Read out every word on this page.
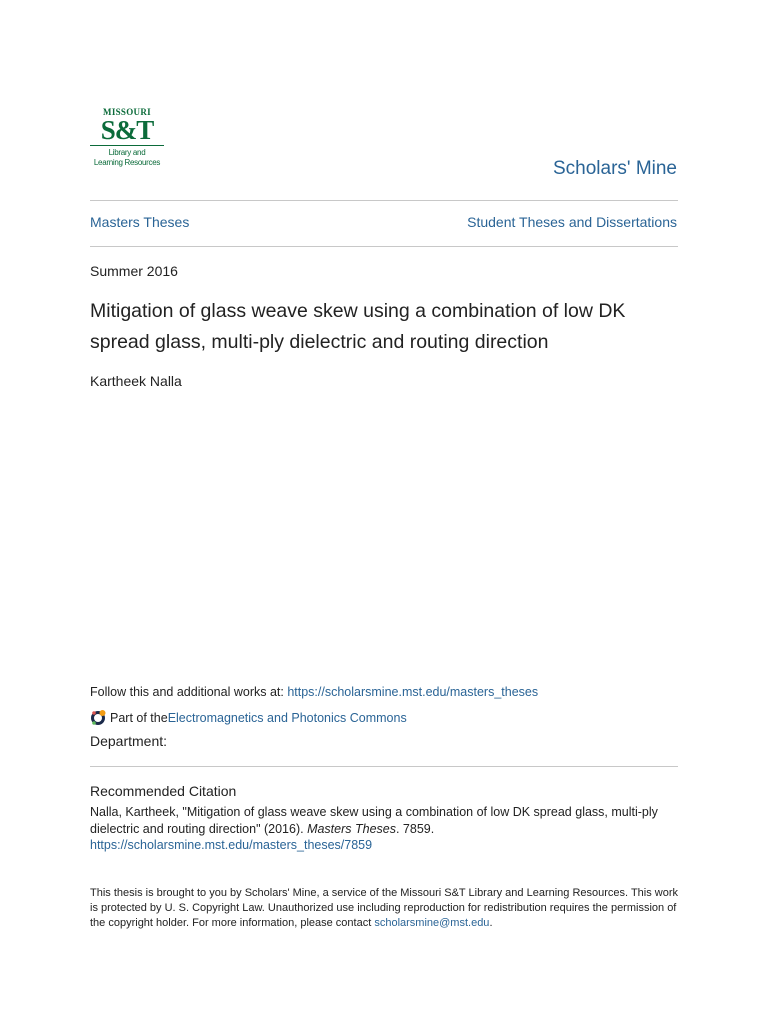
MISSOURI
S&T
Library and
Learning Resources	Scholars' Mine
Masters Theses	Student Theses and Dissertations
Summer 2016
Mitigation of glass weave skew using a combination of low DK spread glass, multi-ply dielectric and routing direction
Kartheek Nalla
Follow this and additional works at: https://scholarsmine.mst.edu/masters_theses
Part of the Electromagnetics and Photonics Commons
Department:
Recommended Citation
Nalla, Kartheek, "Mitigation of glass weave skew using a combination of low DK spread glass, multi-ply dielectric and routing direction" (2016). Masters Theses. 7859.
https://scholarsmine.mst.edu/masters_theses/7859
This thesis is brought to you by Scholars' Mine, a service of the Missouri S&T Library and Learning Resources. This work is protected by U. S. Copyright Law. Unauthorized use including reproduction for redistribution requires the permission of the copyright holder. For more information, please contact scholarsmine@mst.edu.
